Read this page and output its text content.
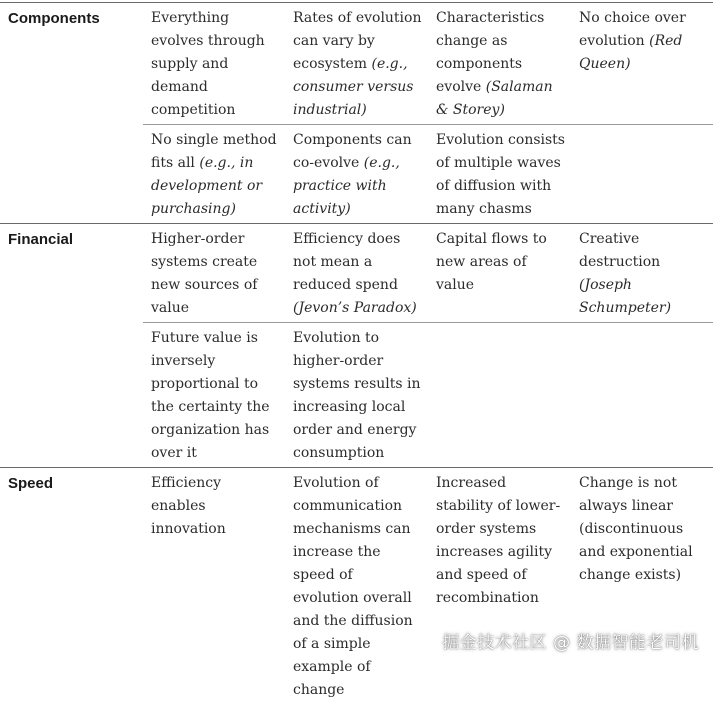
Components	Everything evolves through supply and demand competition	Rates of evolution can vary by ecosystem (e.g., consumer versus industrial)	Characteristics change as components evolve (Salaman & Storey)	No choice over evolution (Red Queen)
	No single method fits all (e.g., in development or purchasing)	Components can co-evolve (e.g., practice with activity)	Evolution consists of multiple waves of diffusion with many chasms	
Financial	Higher-order systems create new sources of value	Efficiency does not mean a reduced spend (Jevon’s Paradox)	Capital flows to new areas of value	Creative destruction (Joseph Schumpeter)
	Future value is inversely proportional to the certainty the organization has over it	Evolution to higher-order systems results in increasing local order and energy consumption		
Speed	Efficiency enables innovation	Evolution of communication mechanisms can increase the speed of evolution overall and the diffusion of a simple example of change	Increased stability of lower-order systems increases agility and speed of recombination	Change is not always linear (discontinuous and exponential change exists)
掘金技术社区 @ 数据智能老司机
